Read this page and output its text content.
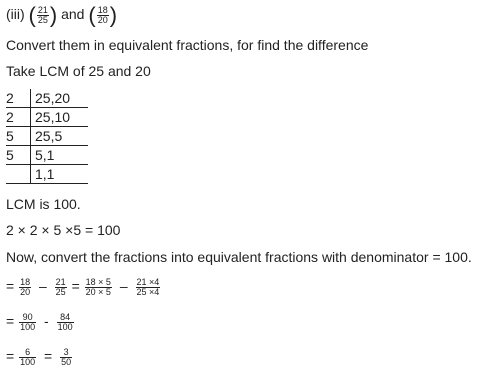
(iii) ( $\frac{21}{25}$ ) and ( $\frac{18}{20}$ )
Convert them in equivalent fractions, for find the difference
Take LCM of 25 and 20
2	25,20
2	25,10
5	25,5
5	5,1
	1,1
LCM is 100.
2 × 2 × 5 ×5 = 100
Now, convert the fractions into equivalent fractions with denominator = 100.
= $\frac{18}{20} - \frac{21}{25} = \frac{18 \times 5}{20 \times 5} - \frac{21 \times 4}{25 \times 4}$
= $\frac{90}{100} - \frac{84}{100}$
= $\frac{6}{100} = \frac{3}{50}$
